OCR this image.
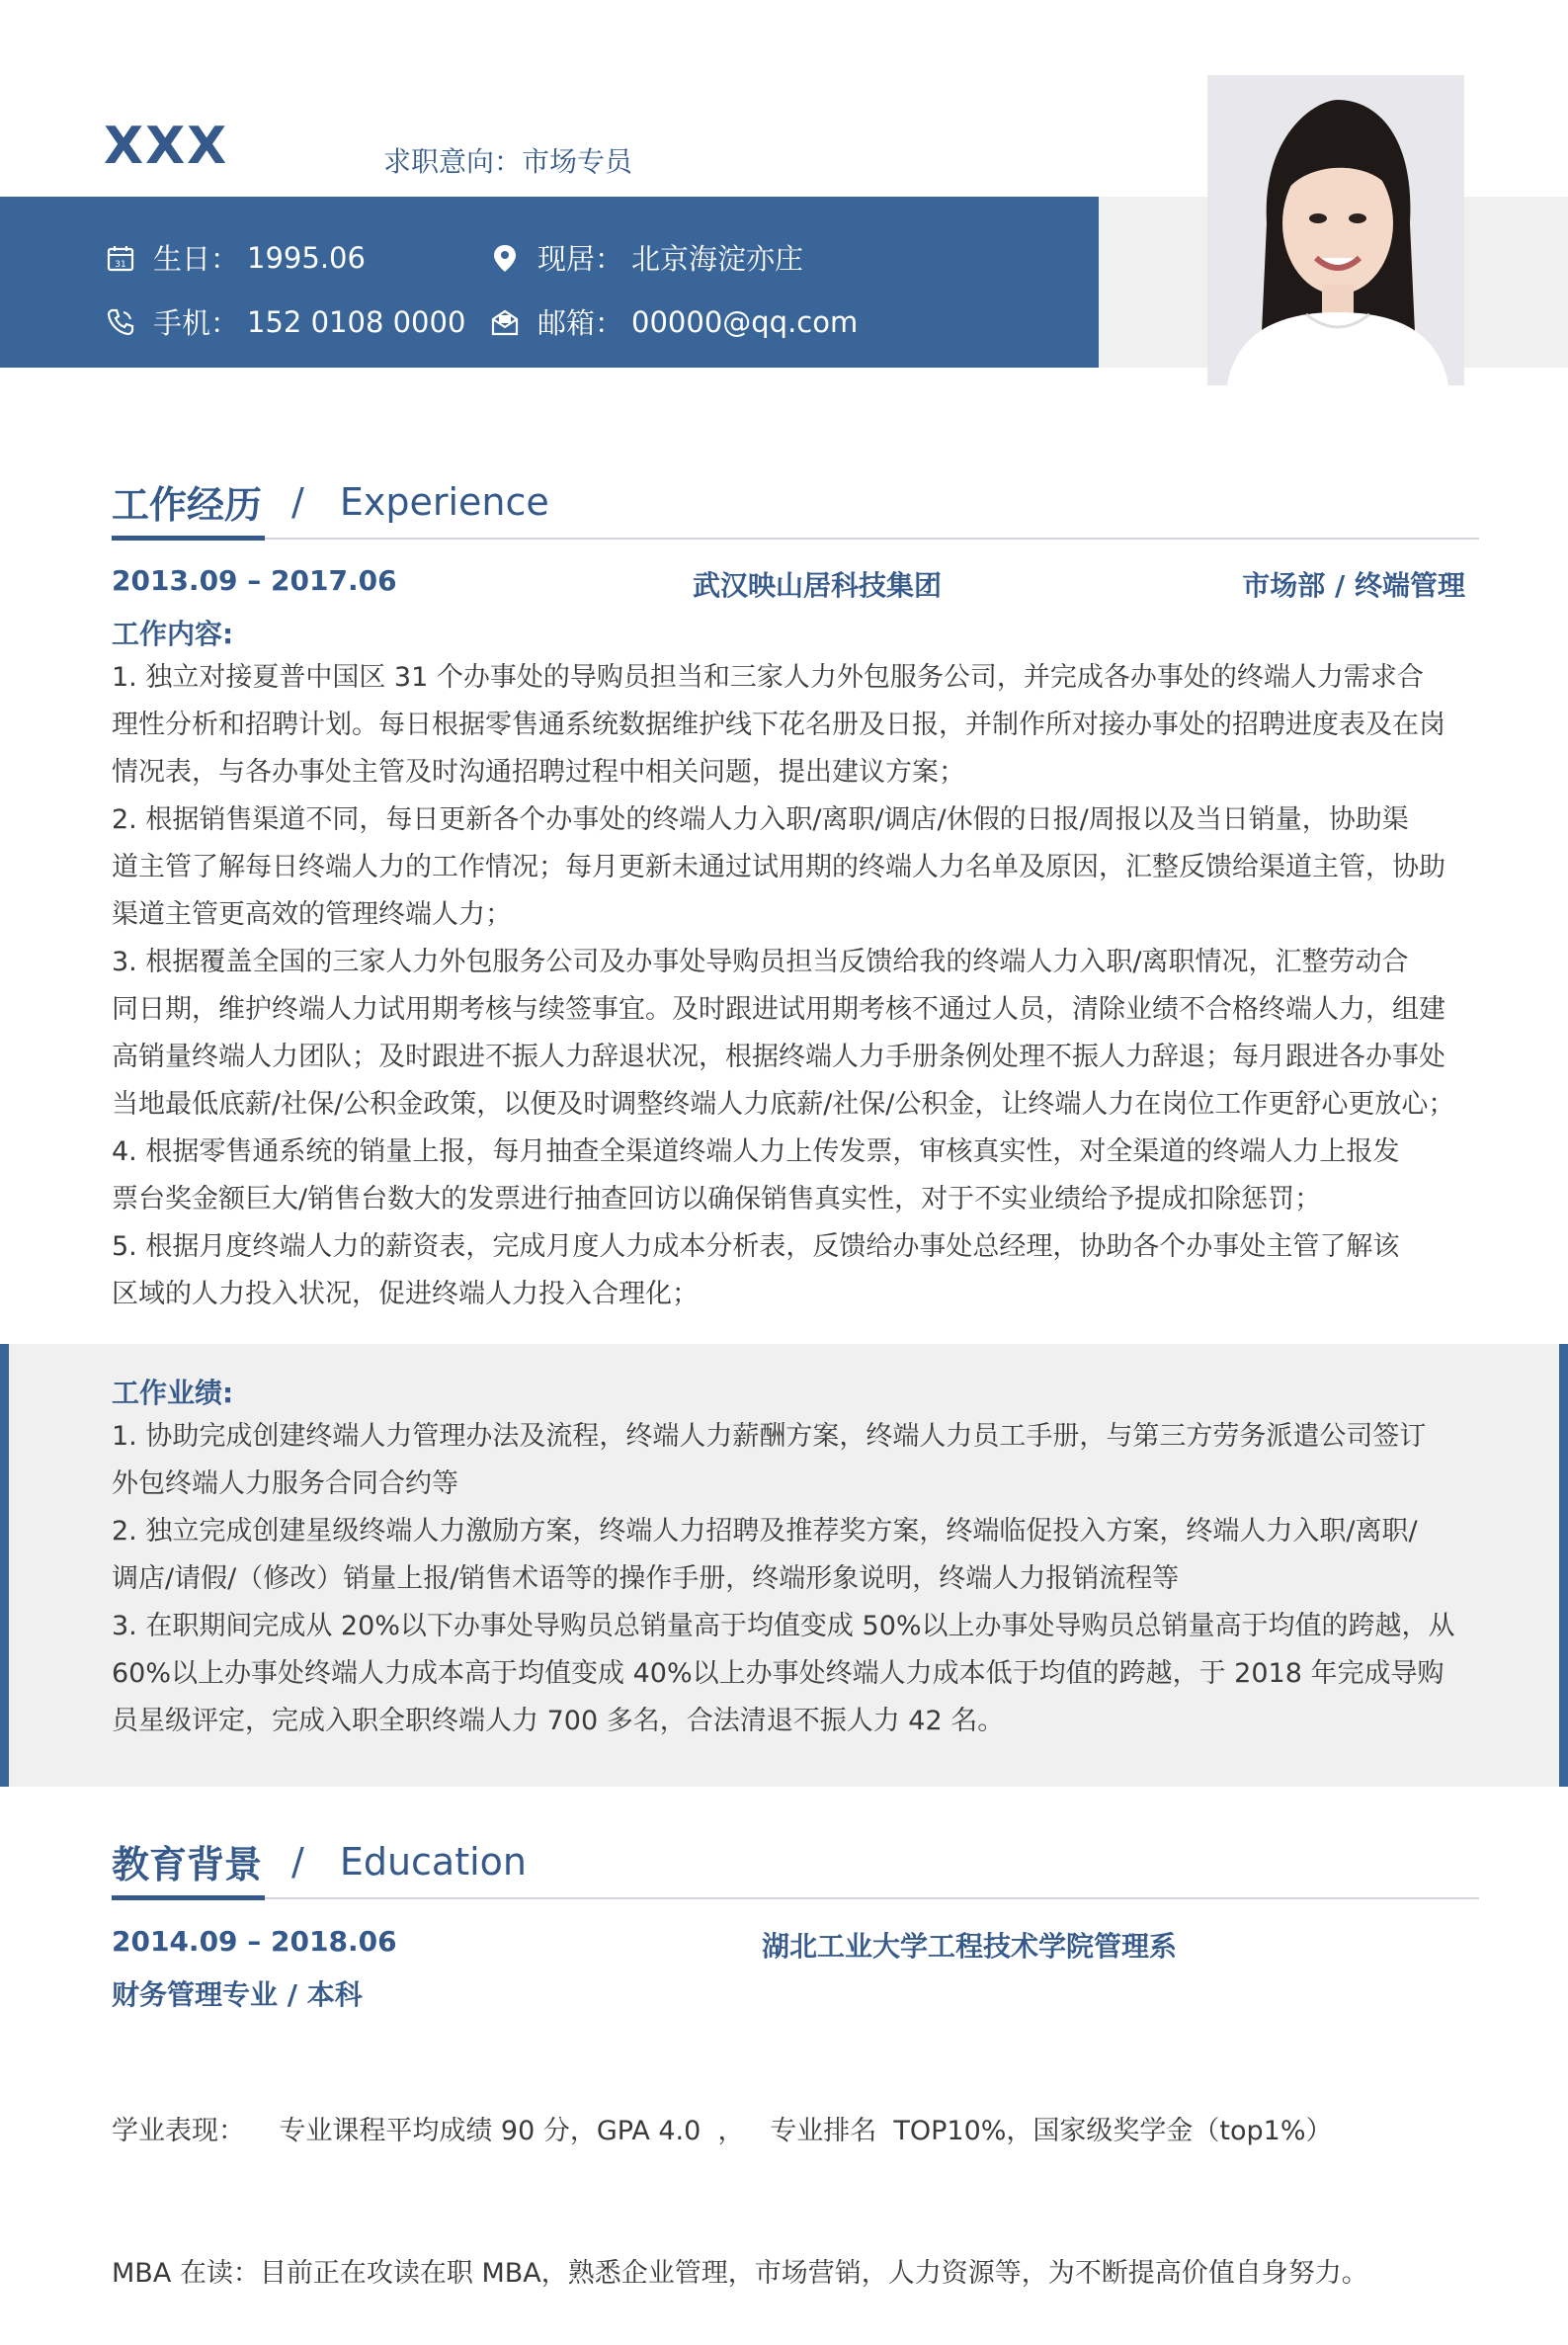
XXX	求职意向：市场专员
31 生日： 1995.06	现居： 北京海淀亦庄
手机： 152 0108 0000	邮箱： 00000@qq.com
工作经历 / Experience
2013.09 – 2017.06	武汉映山居科技集团	市场部 / 终端管理
工作内容:
1. 独立对接夏普中国区 31 个办事处的导购员担当和三家人力外包服务公司，并完成各办事处的终端人力需求合
理性分析和招聘计划。每日根据零售通系统数据维护线下花名册及日报，并制作所对接办事处的招聘进度表及在岗
情况表，与各办事处主管及时沟通招聘过程中相关问题，提出建议方案；
2. 根据销售渠道不同，每日更新各个办事处的终端人力入职/离职/调店/休假的日报/周报以及当日销量，协助渠
道主管了解每日终端人力的工作情况；每月更新未通过试用期的终端人力名单及原因，汇整反馈给渠道主管，协助
渠道主管更高效的管理终端人力；
3. 根据覆盖全国的三家人力外包服务公司及办事处导购员担当反馈给我的终端人力入职/离职情况，汇整劳动合
同日期，维护终端人力试用期考核与续签事宜。及时跟进试用期考核不通过人员，清除业绩不合格终端人力，组建
高销量终端人力团队；及时跟进不振人力辞退状况，根据终端人力手册条例处理不振人力辞退；每月跟进各办事处
当地最低底薪/社保/公积金政策，以便及时调整终端人力底薪/社保/公积金，让终端人力在岗位工作更舒心更放心；
4. 根据零售通系统的销量上报，每月抽查全渠道终端人力上传发票，审核真实性，对全渠道的终端人力上报发
票台奖金额巨大/销售台数大的发票进行抽查回访以确保销售真实性，对于不实业绩给予提成扣除惩罚；
5. 根据月度终端人力的薪资表，完成月度人力成本分析表，反馈给办事处总经理，协助各个办事处主管了解该
区域的人力投入状况，促进终端人力投入合理化；
工作业绩:
1. 协助完成创建终端人力管理办法及流程，终端人力薪酬方案，终端人力员工手册，与第三方劳务派遣公司签订
外包终端人力服务合同合约等
2. 独立完成创建星级终端人力激励方案，终端人力招聘及推荐奖方案，终端临促投入方案，终端人力入职/离职/
调店/请假/（修改）销量上报/销售术语等的操作手册，终端形象说明，终端人力报销流程等
3. 在职期间完成从 20%以下办事处导购员总销量高于均值变成 50%以上办事处导购员总销量高于均值的跨越，从
60%以上办事处终端人力成本高于均值变成 40%以上办事处终端人力成本低于均值的跨越，于 2018 年完成导购
员星级评定，完成入职全职终端人力 700 多名，合法清退不振人力 42 名。
教育背景 / Education
2014.09 – 2018.06	湖北工业大学工程技术学院管理系
财务管理专业 / 本科

学业表现：    专业课程平均成绩 90 分，GPA 4.0  ，   专业排名  TOP10%，国家级奖学金（top1%）

MBA 在读：目前正在攻读在职 MBA，熟悉企业管理，市场营销，人力资源等，为不断提高价值自身努力。
